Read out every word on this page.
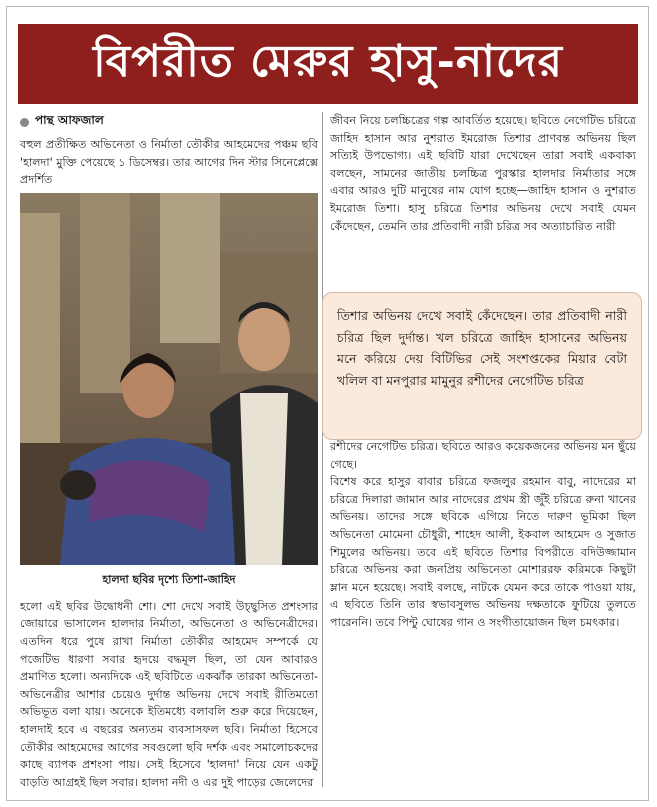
বিপরীত মেরুর হাসু-নাদের
পান্থ আফজাল

বহুল প্রতীক্ষিত অভিনেতা ও নির্মাতা তৌকীর আহমেদের পঞ্চম ছবি 'হালদা' মুক্তি পেয়েছে ১ ডিসেম্বর। তার আগের দিন স্টার সিনেপ্লেক্সে প্রদর্শিত

হালদা ছবির দৃশ্যে তিশা-জাহিদ

হলো এই ছবির উদ্বোধনী শো। শো দেখে সবাই উচ্ছ্বসিত প্রশংসার জোয়ারে ভাসালেন হালদার নির্মাতা, অভিনেতা ও অভিনেত্রীদের। এতদিন ধরে পুষে রাখা নির্মাতা তৌকীর আহমেদ সম্পর্কে যে পজেটিভ ধারণা সবার হৃদয়ে বদ্ধমূল ছিল, তা যেন আবারও প্রমাণিত হলো। অন্যদিকে এই ছবিটিতে একঝাঁক তারকা অভিনেতা-অভিনেত্রীর আশার চেয়েও দুর্দান্ত অভিনয় দেখে সবাই রীতিমতো অভিভূত বলা যায়। অনেকে ইতিমধ্যে বলাবলি শুরু করে দিয়েছেন, হালদাই হবে এ বছরের অন্যতম ব্যবসাসফল ছবি। নির্মাতা হিসেবে তৌকীর আহমেদের আগের সবগুলো ছবি দর্শক এবং সমালোচকদের কাছে ব্যাপক প্রশংসা পায়। সেই হিসেবে 'হালদা' নিয়ে যেন একটু বাড়তি আগ্রহই ছিল সবার। হালদা নদী ও এর দুই পাড়ের জেলেদের

জীবন নিয়ে চলচ্চিত্রের গল্প আবর্তিত হয়েছে। ছবিতে নেগেটিভ চরিত্রে জাহিদ হাসান আর নুশরাত ইমরোজ তিশার প্রাণবন্ত অভিনয় ছিল সত্যিই উপভোগ্য। এই ছবিটি যারা দেখেছেন তারা সবাই একবাক্য বলছেন, সামনের জাতীয় চলচ্চিত্র পুরস্কার হালদার নির্মাতার সঙ্গে এবার আরও দুটি মানুষের নাম যোগ হচ্ছে—জাহিদ হাসান ও নুশরাত ইমরোজ তিশা। হাসু চরিত্রে তিশার অভিনয় দেখে সবাই যেমন কেঁদেছেন, তেমনি তার প্রতিবাদী নারী চরিত্র সব অত্যাচারিত নারী

রশীদের নেগেটিভ চরিত্র। ছবিতে আরও কয়েকজনের অভিনয় মন ছুঁয়ে গেছে।

বিশেষ করে হাসুর বাবার চরিত্রে ফজলুর রহমান বাবু, নাদেরের মা চরিত্রে দিলারা জামান আর নাদেরের প্রথম স্ত্রী জুঁই চরিত্রে রুনা খানের অভিনয়। তাদের সঙ্গে ছবিকে এগিয়ে নিতে দারুণ ভূমিকা ছিল অভিনেতা মোমেনা চৌধুরী, শাহেদ আলী, ইকবাল আহমেদ ও সুজাত শিমুলের অভিনয়। তবে এই ছবিতে তিশার বিপরীতে বদিউজ্জামান চরিত্রে অভিনয় করা জনপ্রিয় অভিনেতা মোশাররফ করিমকে কিছুটা ম্লান মনে হয়েছে। সবাই বলছে, নাটকে যেমন করে তাকে পাওয়া যায়, এ ছবিতে তিনি তার স্বভাবসুলভ অভিনয় দক্ষতাকে ফুটিয়ে তুলতে পারেননি। তবে পিন্টু ঘোষের গান ও সংগীতায়োজন ছিল চমৎকার।

তিশার অভিনয় দেখে সবাই কেঁদেছেন। তার প্রতিবাদী নারী চরিত্র ছিল দুর্দান্ত। খল চরিত্রে জাহিদ হাসানের অভিনয় মনে করিয়ে দেয় বিটিভির সেই সংশপ্তকের মিয়ার বেটা খলিল বা মনপুরার মামুনুর রশীদের নেগেটিভ চরিত্র
